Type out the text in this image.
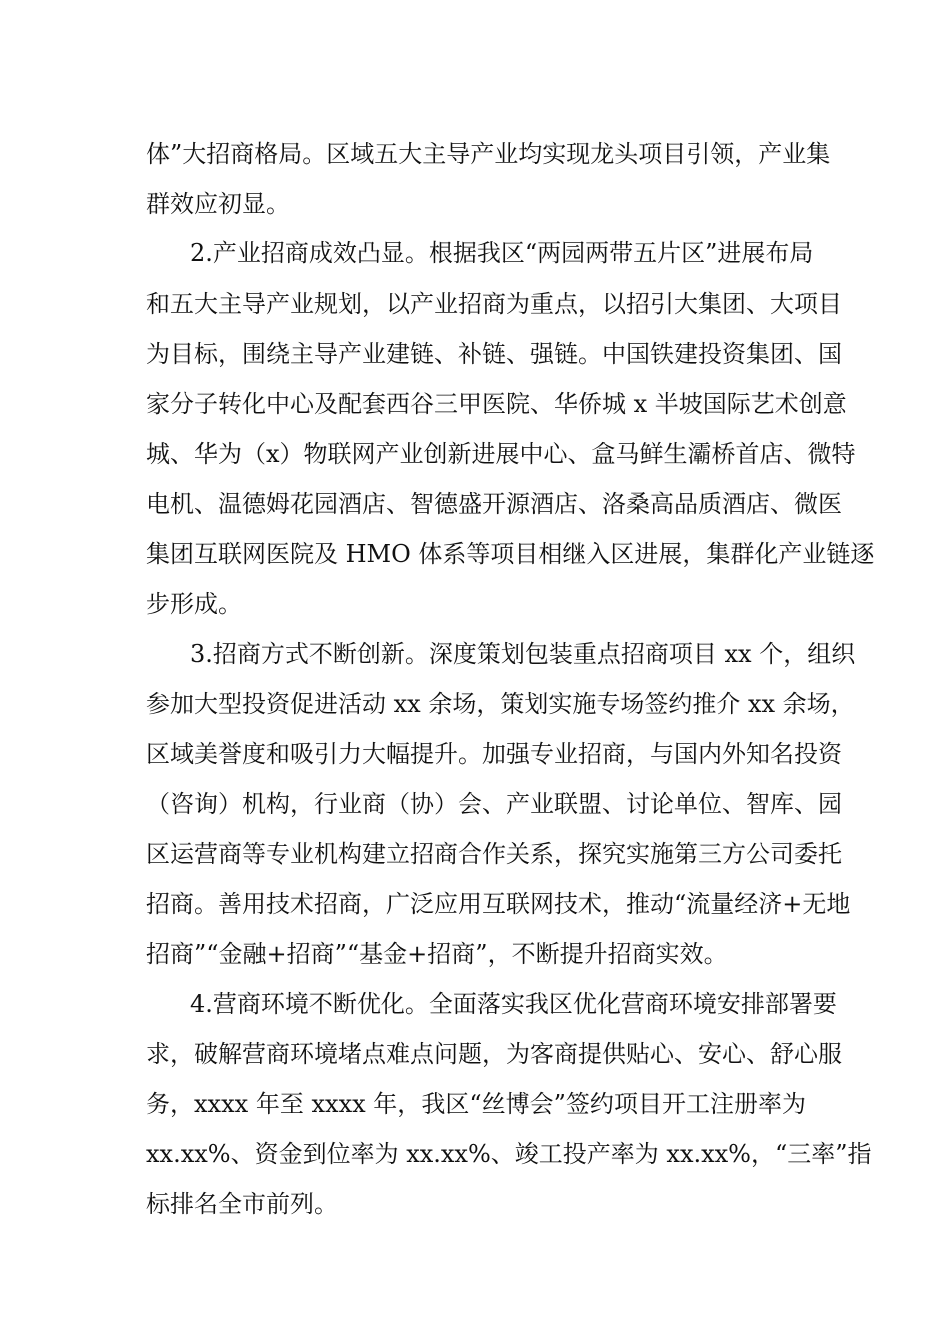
体”大招商格局。区域五大主导产业均实现龙头项目引领，产业集
群效应初显。
2.产业招商成效凸显。根据我区“两园两带五片区”进展布局
和五大主导产业规划，以产业招商为重点，以招引大集团、大项目
为目标，围绕主导产业建链、补链、强链。中国铁建投资集团、国
家分子转化中心及配套西谷三甲医院、华侨城 x 半坡国际艺术创意
城、华为（x）物联网产业创新进展中心、盒马鲜生灞桥首店、微特
电机、温德姆花园酒店、智德盛开源酒店、洛桑高品质酒店、微医
集团互联网医院及 HMO 体系等项目相继入区进展，集群化产业链逐
步形成。
3.招商方式不断创新。深度策划包装重点招商项目 xx 个，组织
参加大型投资促进活动 xx 余场，策划实施专场签约推介 xx 余场，
区域美誉度和吸引力大幅提升。加强专业招商，与国内外知名投资
（咨询）机构，行业商（协）会、产业联盟、讨论单位、智库、园
区运营商等专业机构建立招商合作关系，探究实施第三方公司委托
招商。善用技术招商，广泛应用互联网技术，推动“流量经济+无地
招商”“金融+招商”“基金+招商”，不断提升招商实效。
4.营商环境不断优化。全面落实我区优化营商环境安排部署要
求，破解营商环境堵点难点问题，为客商提供贴心、安心、舒心服
务，xxxx 年至 xxxx 年，我区“丝博会”签约项目开工注册率为
xx.xx%、资金到位率为 xx.xx%、竣工投产率为 xx.xx%，“三率”指
标排名全市前列。
